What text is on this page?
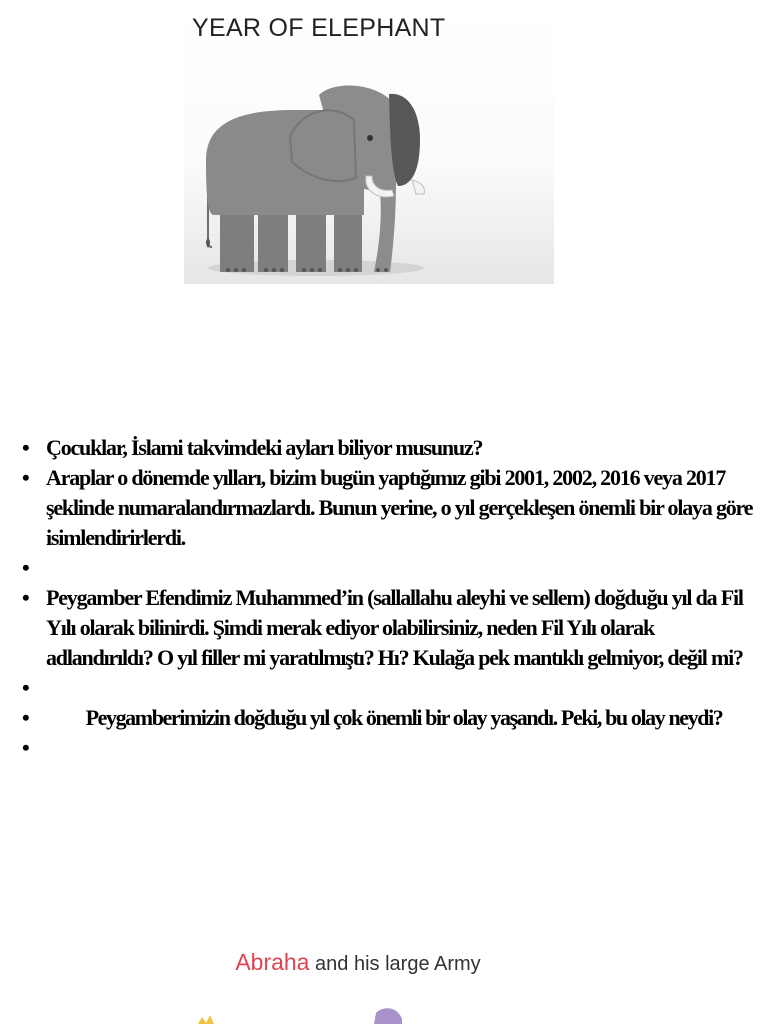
YEAR OF ELEPHANT
• Çocuklar, İslami takvimdeki ayları biliyor musunuz?
• Araplar o dönemde yılları, bizim bugün yaptığımız gibi 2001, 2002, 2016 veya 2017 şeklinde numaralandırmazlardı. Bunun yerine, o yıl gerçekleşen önemli bir olaya göre isimlendirirlerdi.
•
• Peygamber Efendimiz Muhammed’in (sallallahu aleyhi ve sellem) doğduğu yıl da Fil Yılı olarak bilinirdi. Şimdi merak ediyor olabilirsiniz, neden Fil Yılı olarak adlandırıldı? O yıl filler mi yaratılmıştı? Hı? Kulağa pek mantıklı gelmiyor, değil mi?
•
• Peygamberimizin doğduğu yıl çok önemli bir olay yaşandı. Peki, bu olay neydi?
•
Abraha and his large Army
